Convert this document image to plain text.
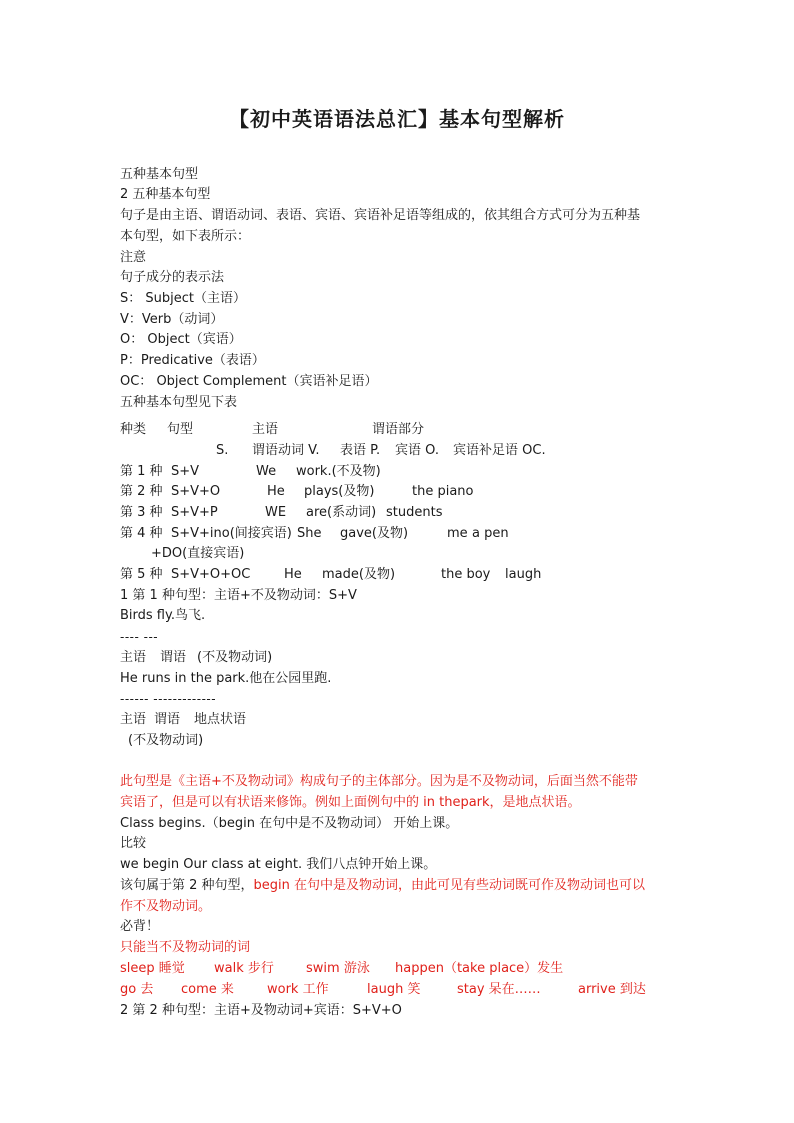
【初中英语语法总汇】基本句型解析
五种基本句型
2 五种基本句型
句子是由主语、谓语动词、表语、宾语、宾语补足语等组成的，依其组合方式可分为五种基
本句型，如下表所示：
注意
句子成分的表示法
S： Subject（主语）
V：Verb（动词）
O： Object（宾语）
P：Predicative（表语）
OC： Object Complement（宾语补足语）
五种基本句型见下表
种类 句型	主语	谓语部分
S. 谓语动词 V. 表语 P. 宾语 O. 宾语补足语 OC.
第 1 种 S+V	We work.(不及物)
第 2 种 S+V+O	He plays(及物)	the piano
第 3 种 S+V+P	WE are(系动词) students
第 4 种 S+V+ino(间接宾语) She gave(及物)	me a pen
+DO(直接宾语)
第 5 种 S+V+O+OC	He made(及物)	the boy laugh
1 第 1 种句型：主语+不及物动词：S+V
Birds fly.鸟飞.
---- ---
主语 谓语 (不及物动词)
He runs in the park.他在公园里跑.
------ -------------
主语 谓语 地点状语
(不及物动词)
此句型是《主语+不及物动词》构成句子的主体部分。因为是不及物动词，后面当然不能带
宾语了，但是可以有状语来修饰。例如上面例句中的 in thepark，是地点状语。
Class begins.（begin 在句中是不及物动词） 开始上课。
比较
we begin Our class at eight. 我们八点钟开始上课。
该句属于第 2 种句型，begin 在句中是及物动词，由此可见有些动词既可作及物动词也可以
作不及物动词。
必背！
只能当不及物动词的词
sleep 睡觉 walk 步行 swim 游泳 happen（take place）发生
go 去 come 来	work 工作	laugh 笑	stay 呆在……	arrive 到达
2 第 2 种句型：主语+及物动词+宾语：S+V+O
